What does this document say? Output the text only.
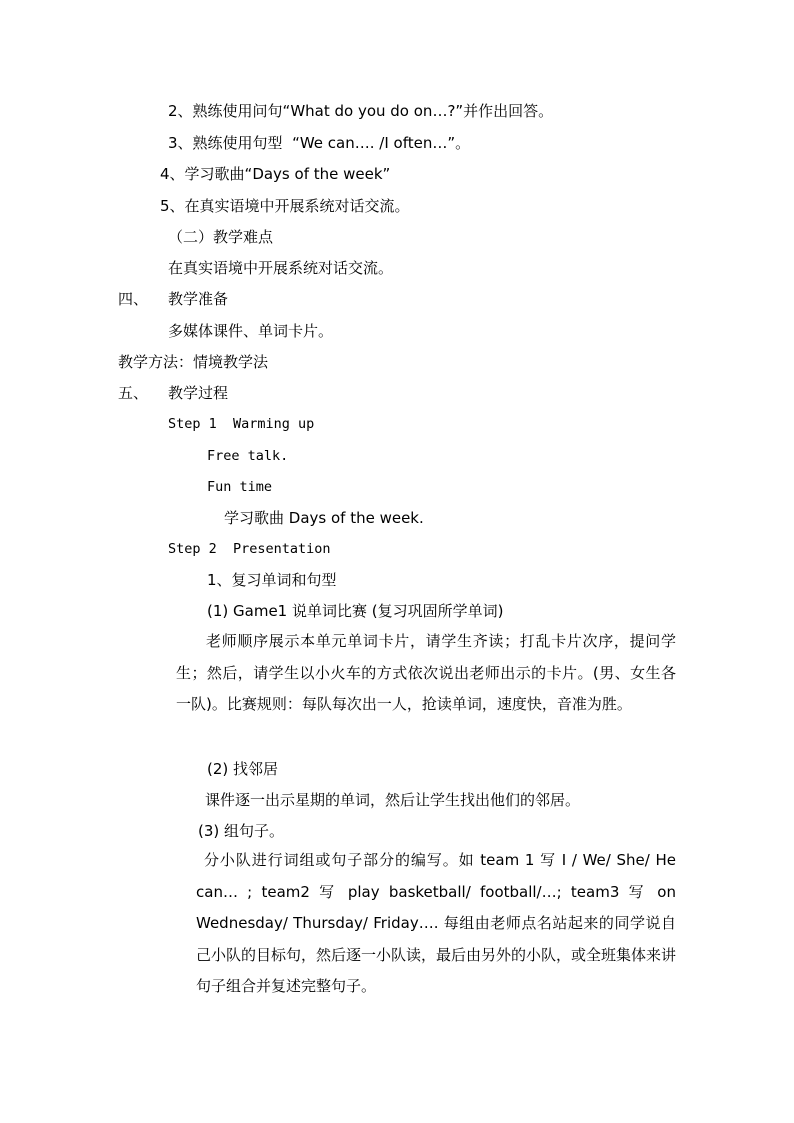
2、熟练使用问句“What do you do on…?”并作出回答。
3、熟练使用句型  “We can…. /I often…”。
4、学习歌曲“Days of the week”
5、在真实语境中开展系统对话交流。
（二）教学难点
在真实语境中开展系统对话交流。
四、 教学准备
多媒体课件、单词卡片。
教学方法：情境教学法
五、 教学过程
Step 1  Warming up
Free talk.
Fun time
学习歌曲 Days of the week.
Step 2  Presentation
1、复习单词和句型
(1) Game1 说单词比赛 (复习巩固所学单词)
老师顺序展示本单元单词卡片，请学生齐读；打乱卡片次序，提问学生；然后，请学生以小火车的方式依次说出老师出示的卡片。(男、女生各一队)。比赛规则：每队每次出一人，抢读单词，速度快，音准为胜。
(2) 找邻居
课件逐一出示星期的单词，然后让学生找出他们的邻居。
(3) 组句子。
分小队进行词组或句子部分的编写。如 team 1 写 I / We/ She/ He can… ; team2 写 play basketball/ football/…; team3 写 on Wednesday/ Thursday/ Friday…. 每组由老师点名站起来的同学说自己小队的目标句，然后逐一小队读，最后由另外的小队，或全班集体来讲句子组合并复述完整句子。
